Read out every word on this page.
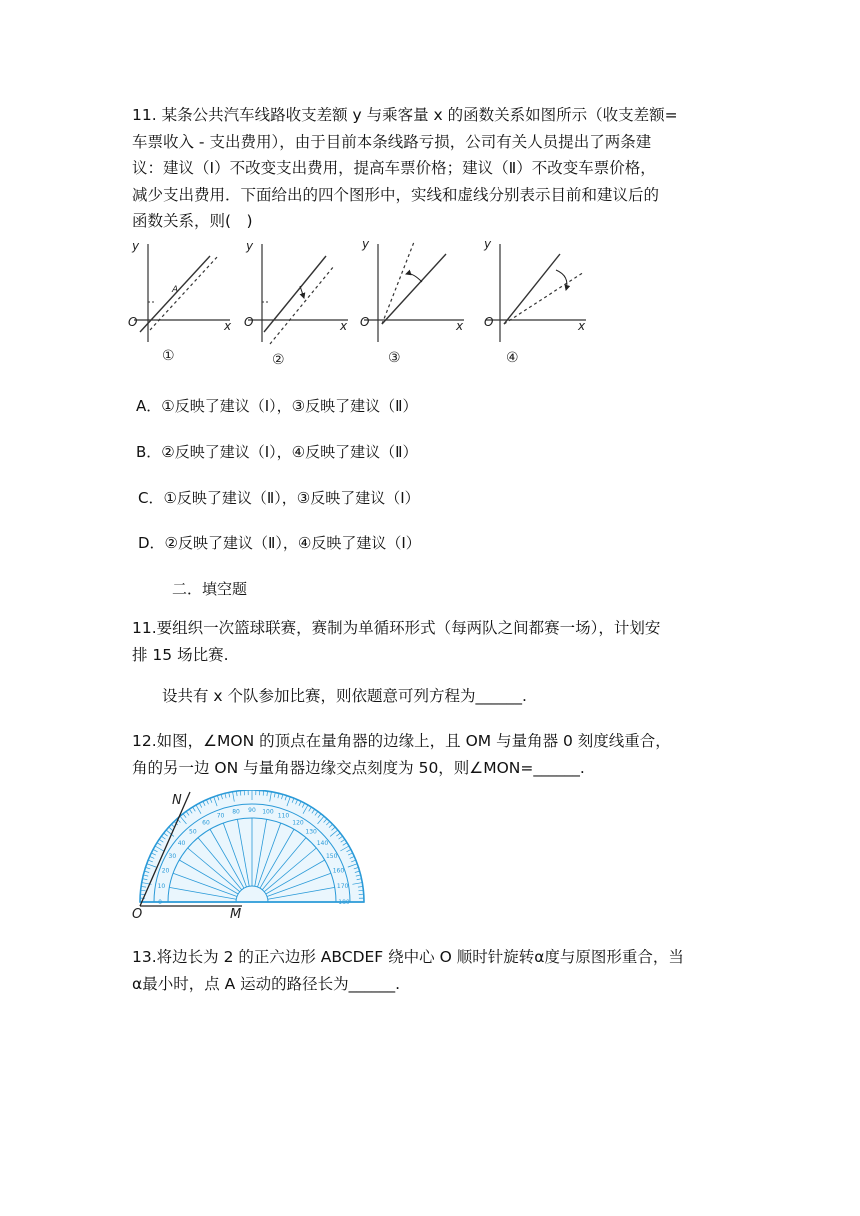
11. 某条公共汽车线路收支差额 y 与乘客量 x 的函数关系如图所示（收支差额=
车票收入 - 支出费用），由于目前本条线路亏损，公司有关人员提出了两条建
议：建议（Ⅰ）不改变支出费用，提高车票价格；建议（Ⅱ）不改变车票价格，
减少支出费用．下面给出的四个图形中，实线和虚线分别表示目前和建议后的
函数关系，则(　)
A
y
x
O
①
y
x
O
②
y
x
O
③
y
x
O
④
A．①反映了建议（Ⅰ），③反映了建议（Ⅱ）
B．②反映了建议（Ⅰ），④反映了建议（Ⅱ）
C．①反映了建议（Ⅱ），③反映了建议（Ⅰ）
D．②反映了建议（Ⅱ），④反映了建议（Ⅰ）
二．填空题
11.要组织一次篮球联赛，赛制为单循环形式（每两队之间都赛一场），计划安
排 15 场比赛.
设共有 x 个队参加比赛，则依题意可列方程为______.
12.如图，∠MON 的顶点在量角器的边缘上，且 OM 与量角器 0 刻度线重合，
角的另一边 ON 与量角器边缘交点刻度为 50，则∠MON=______.
0
10
20
30
40
50
60
70
80 90 100
110
120
130
140
150
160
170
180
N
O	M
13.将边长为 2 的正六边形 ABCDEF 绕中心 O 顺时针旋转α度与原图形重合，当
α最小时，点 A 运动的路径长为______.
